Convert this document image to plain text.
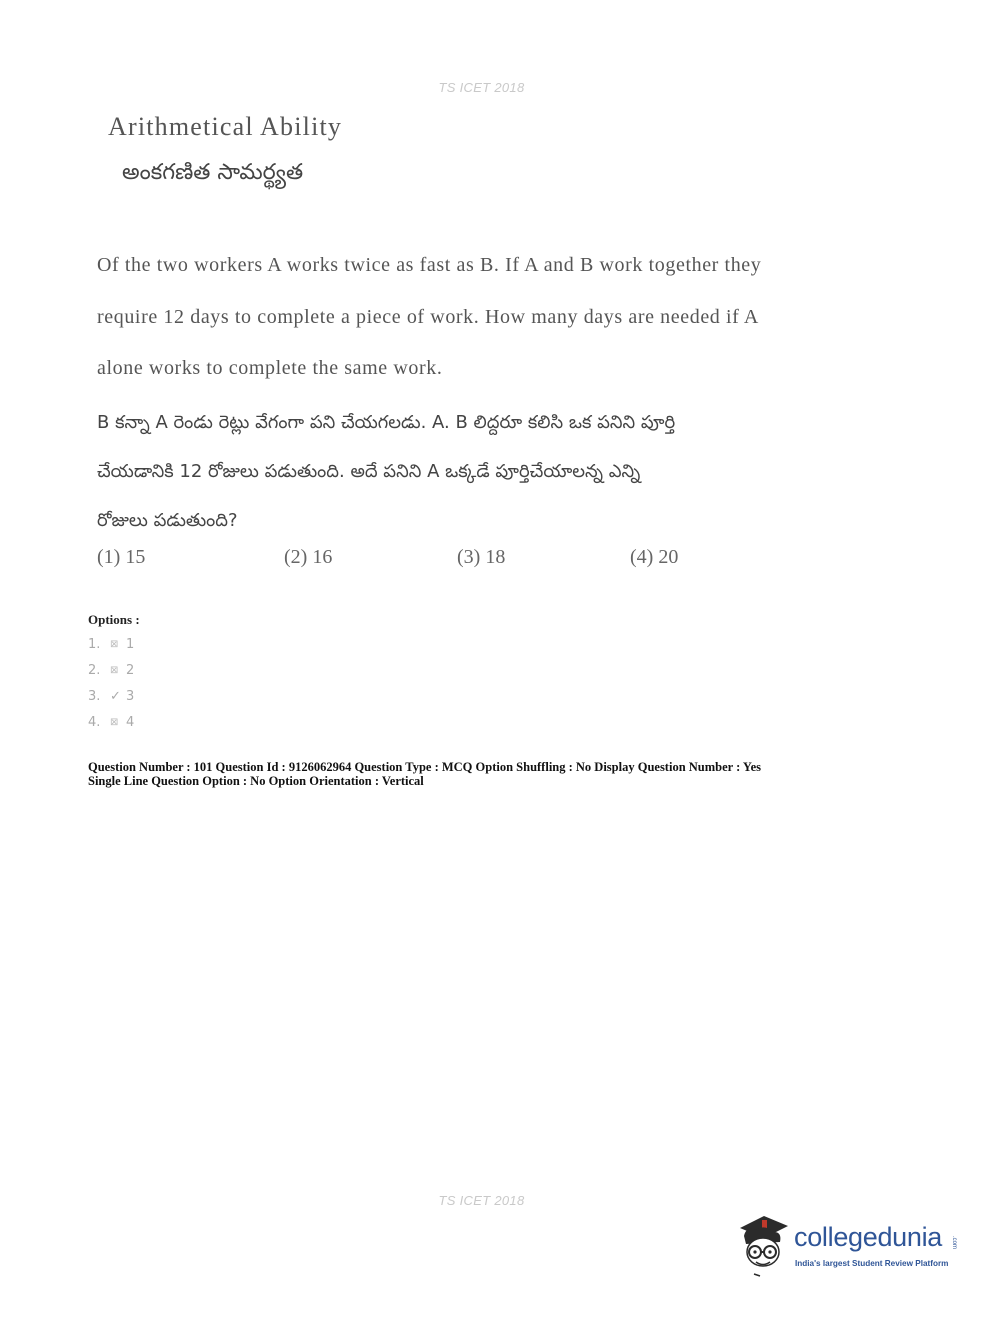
TS ICET 2018
Arithmetical Ability
అంకగణిత సామర్థ్యత
Of the two workers A works twice as fast as B. If A and B work together they
require 12 days to complete a piece of work. How many days are needed if A
alone works to complete the same work.
B కన్నా A రెండు రెట్లు వేగంగా పని చేయగలడు. A. B లిద్దరూ కలిసి ఒక పనిని పూర్తి
చేయడానికి 12 రోజులు పడుతుంది. అదే పనిని A ఒక్కడే పూర్తిచేయాలన్న ఎన్ని
రోజులు పడుతుంది?
(1) 15	(2) 16	(3) 18	(4) 20
Options :
1. ⊠ 1
2. ⊠ 2
3. ✓ 3
4. ⊠ 4
Question Number : 101 Question Id : 9126062964 Question Type : MCQ Option Shuffling : No Display Question Number : Yes
Single Line Question Option : No Option Orientation : Vertical
TS ICET 2018
collegedunia .com
India's largest Student Review Platform
